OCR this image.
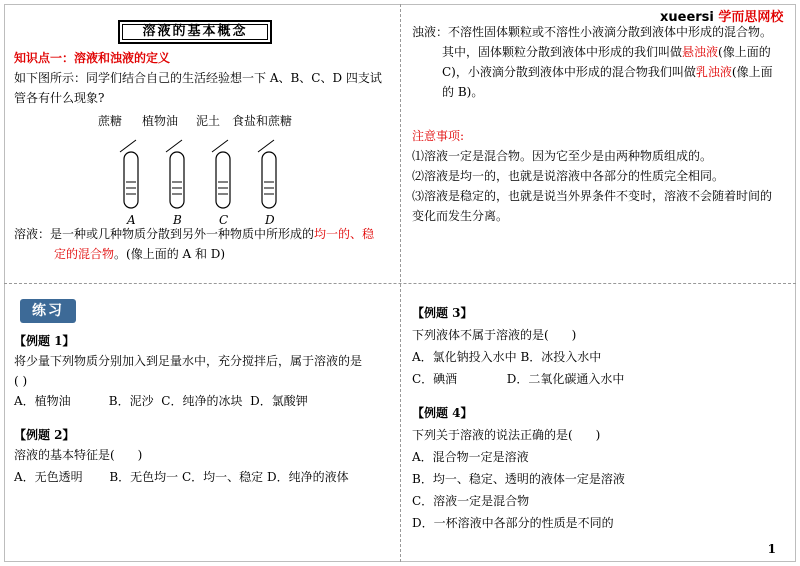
xueersi 学而思网校
溶液的基本概念

知识点一：溶液和浊液的定义

如下图所示：同学们结合自己的生活经验想一下 A、B、C、D 四支试

管各有什么现象?

蔗糖 植物油 泥土 食盐和蔗糖
A	B	C	D

溶液：是一种或几种物质分散到另外一种物质中所形成的均一的、稳

定的混合物。(像上面的 A 和 D)

浊液：不溶性固体颗粒或不溶性小液滴分散到液体中形成的混合物。

其中，固体颗粒分散到液体中形成的我们叫做悬浊液(像上面的

C)，小液滴分散到液体中形成的混合物我们叫做乳浊液(像上面

的 B)。

注意事项:

⑴溶液一定是混合物。因为它至少是由两种物质组成的。

⑵溶液是均一的，也就是说溶液中各部分的性质完全相同。

⑶溶液是稳定的，也就是说当外界条件不变时，溶液不会随着时间的

变化而发生分离。

练习

【例题 1】

将少量下列物质分别加入到足量水中，充分搅拌后，属于溶液的是

( )

A．植物油          B．泥沙  C．纯净的冰块  D．氯酸钾

【例题 2】

溶液的基本特征是(      )

A．无色透明       B．无色均一 C．均一、稳定 D．纯净的液体

【例题 3】

下列液体不属于溶液的是(      )

A．氯化钠投入水中 B．冰投入水中

C．碘酒             D．二氧化碳通入水中

【例题 4】

下列关于溶液的说法正确的是(      )

A．混合物一定是溶液

B．均一、稳定、透明的液体一定是溶液

C．溶液一定是混合物

D．一杯溶液中各部分的性质是不同的

1
